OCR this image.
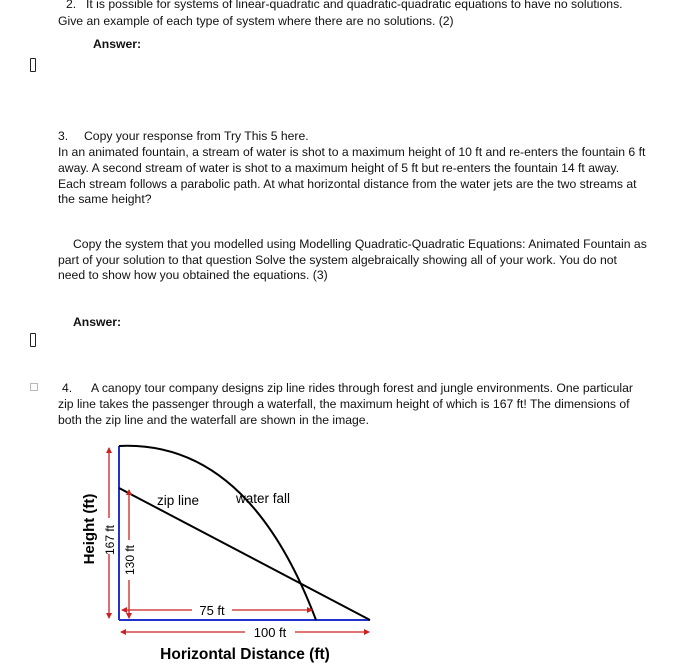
2. It is possible for systems of linear-quadratic and quadratic-quadratic equations to have no solutions.
Give an example of each type of system where there are no solutions. (2)
Answer:
3. Copy your response from Try This 5 here.
In an animated fountain, a stream of water is shot to a maximum height of 10 ft and re-enters the fountain 6 ft
away. A second stream of water is shot to a maximum height of 5 ft but re-enters the fountain 14 ft away.
Each stream follows a parabolic path. At what horizontal distance from the water jets are the two streams at
the same height?
Copy the system that you modelled using Modelling Quadratic-Quadratic Equations: Animated Fountain as
part of your solution to that question Solve the system algebraically showing all of your work. You do not
need to show how you obtained the equations. (3)
Answer:
4. A canopy tour company designs zip line rides through forest and jungle environments. One particular
zip line takes the passenger through a waterfall, the maximum height of which is 167 ft! The dimensions of
both the zip line and the waterfall are shown in the image.
167 ft
130 ft
Height (ft)	zip line	water fall
75 ft
100 ft
Horizontal Distance (ft)
